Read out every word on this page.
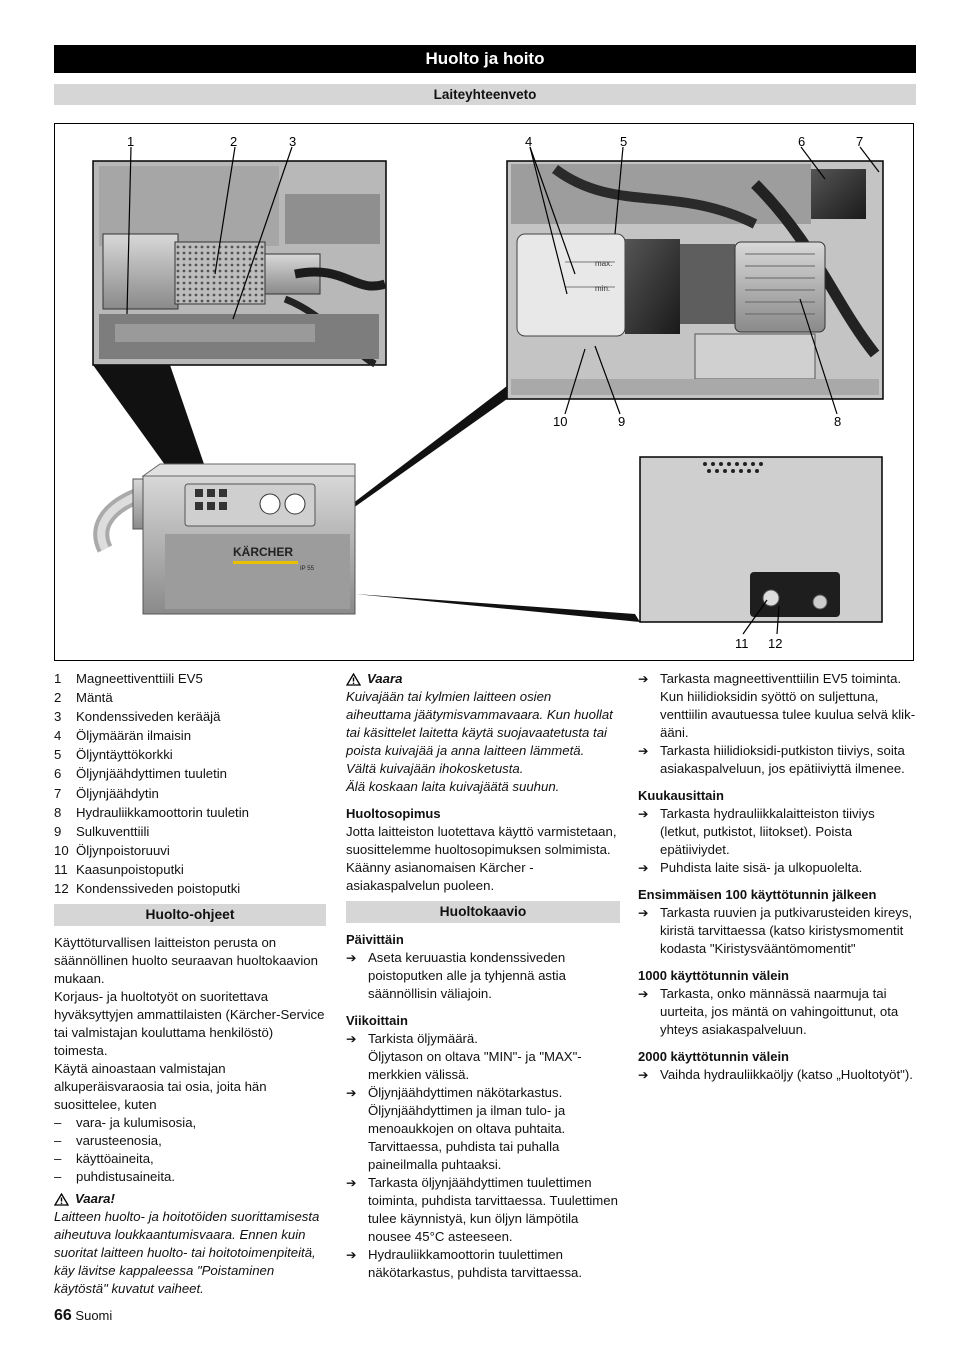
Huolto ja hoito
Laiteyhteenveto
max.
min.
KÄRCHER
IP 55
1	2	3	4	5	6	7
10	9	8
11 12
1	Magneettiventtiili EV5
2	Mäntä
3	Kondenssiveden kerääjä
4	Öljymäärän ilmaisin
5	Öljyntäyttökorkki
6	Öljynjäähdyttimen tuuletin
7	Öljynjäähdytin
8	Hydrauliikkamoottorin tuuletin
9	Sulkuventtiili
10 Öljynpoistoruuvi
11 Kaasunpoistoputki
12 Kondenssiveden poistoputki
Huolto-ohjeet

Käyttöturvallisen laitteiston perusta on säännöllinen huolto seuraavan huoltokaavion mukaan.

Korjaus- ja huoltotyöt on suoritettava hyväksyttyjen ammattilaisten (Kärcher-Service tai valmistajan kouluttama henkilöstö) toimesta.

Käytä ainoastaan valmistajan alkuperäisvaraosia tai osia, joita hän suosittelee, kuten

–	vara- ja kulumisosia,
–	varusteenosia,
–	käyttöaineita,
–	puhdistusaineita.
Vaara!

Laitteen huolto- ja hoitotöiden suorittamisesta aiheutuva loukkaantumisvaara. Ennen kuin suoritat laitteen huolto- tai hoitotoimenpiteitä, käy lävitse kappaleessa "Poistaminen käytöstä" kuvatut vaiheet.

Vaara

Kuivajään tai kylmien laitteen osien aiheuttama jäätymisvammavaara. Kun huollat tai käsittelet laitetta käytä suojavaatetusta tai poista kuivajää ja anna laitteen lämmetä.

Vältä kuivajään ihokosketusta.

Älä koskaan laita kuivajäätä suuhun.

Huoltosopimus

Jotta laitteiston luotettava käyttö varmistetaan, suosittelemme huoltosopimuksen solmimista. Käänny asianomaisen Kärcher - asiakaspalvelun puoleen.

Huoltokaavio
Päivittäin
➔ Aseta keruuastia kondenssiveden poistoputken alle ja tyhjennä astia säännöllisin väliajoin.
Viikoittain
➔ Tarkista öljymäärä.
Öljytason on oltava "MIN"- ja "MAX"-merkkien välissä.
➔ Öljynjäähdyttimen näkötarkastus. Öljynjäähdyttimen ja ilman tulo- ja menoaukkojen on oltava puhtaita.
Tarvittaessa, puhdista tai puhalla paineilmalla puhtaaksi.
➔ Tarkasta öljynjäähdyttimen tuulettimen toiminta, puhdista tarvittaessa. Tuulettimen tulee käynnistyä, kun öljyn lämpötila nousee 45°C asteeseen.
➔ Hydrauliikkamoottorin tuulettimen näkötarkastus, puhdista tarvittaessa.
➔ Tarkasta magneettiventtiilin EV5 toiminta. Kun hiilidioksidin syöttö on suljettuna, venttiilin avautuessa tulee kuulua selvä klik-ääni.
➔ Tarkasta hiilidioksidi-putkiston tiiviys, soita asiakaspalveluun, jos epätiiviyttä ilmenee.
Kuukausittain
➔ Tarkasta hydrauliikkalaitteiston tiiviys (letkut, putkistot, liitokset). Poista epätiiviydet.
➔ Puhdista laite sisä- ja ulkopuolelta.
Ensimmäisen 100 käyttötunnin jälkeen
➔ Tarkasta ruuvien ja putkivarusteiden kireys, kiristä tarvittaessa (katso kiristysmomentit kodasta "Kiristysvääntömomentit"
1000 käyttötunnin välein
➔ Tarkasta, onko männässä naarmuja tai uurteita, jos mäntä on vahingoittunut, ota yhteys asiakaspalveluun.
2000 käyttötunnin välein
➔ Vaihda hydrauliikkaöljy (katso „Huoltotyöt").
66 Suomi
